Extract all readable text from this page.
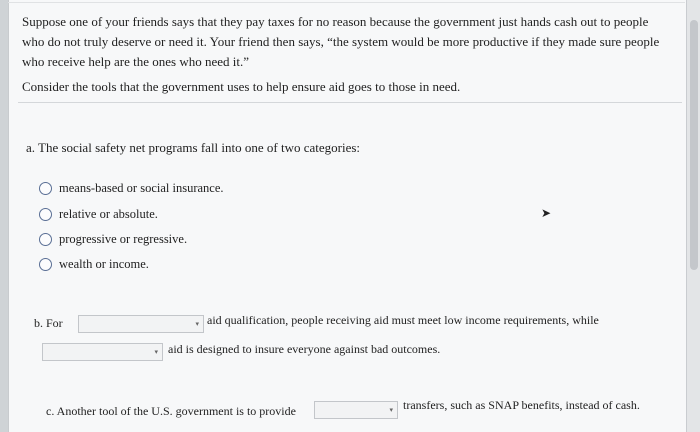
Suppose one of your friends says that they pay taxes for no reason because the government just hands cash out to people who do not truly deserve or need it. Your friend then says, “the system would be more productive if they made sure people who receive help are the ones who need it.”
Consider the tools that the government uses to help ensure aid goes to those in need.
a. The social safety net programs fall into one of two categories:
means-based or social insurance.
relative or absolute.
progressive or regressive.
wealth or income.
➤
b. For	▾ aid qualification, people receiving aid must meet low income requirements, while
▾ aid is designed to insure everyone against bad outcomes.
c. Another tool of the U.S. government is to provide	▾ transfers, such as SNAP benefits, instead of cash.
